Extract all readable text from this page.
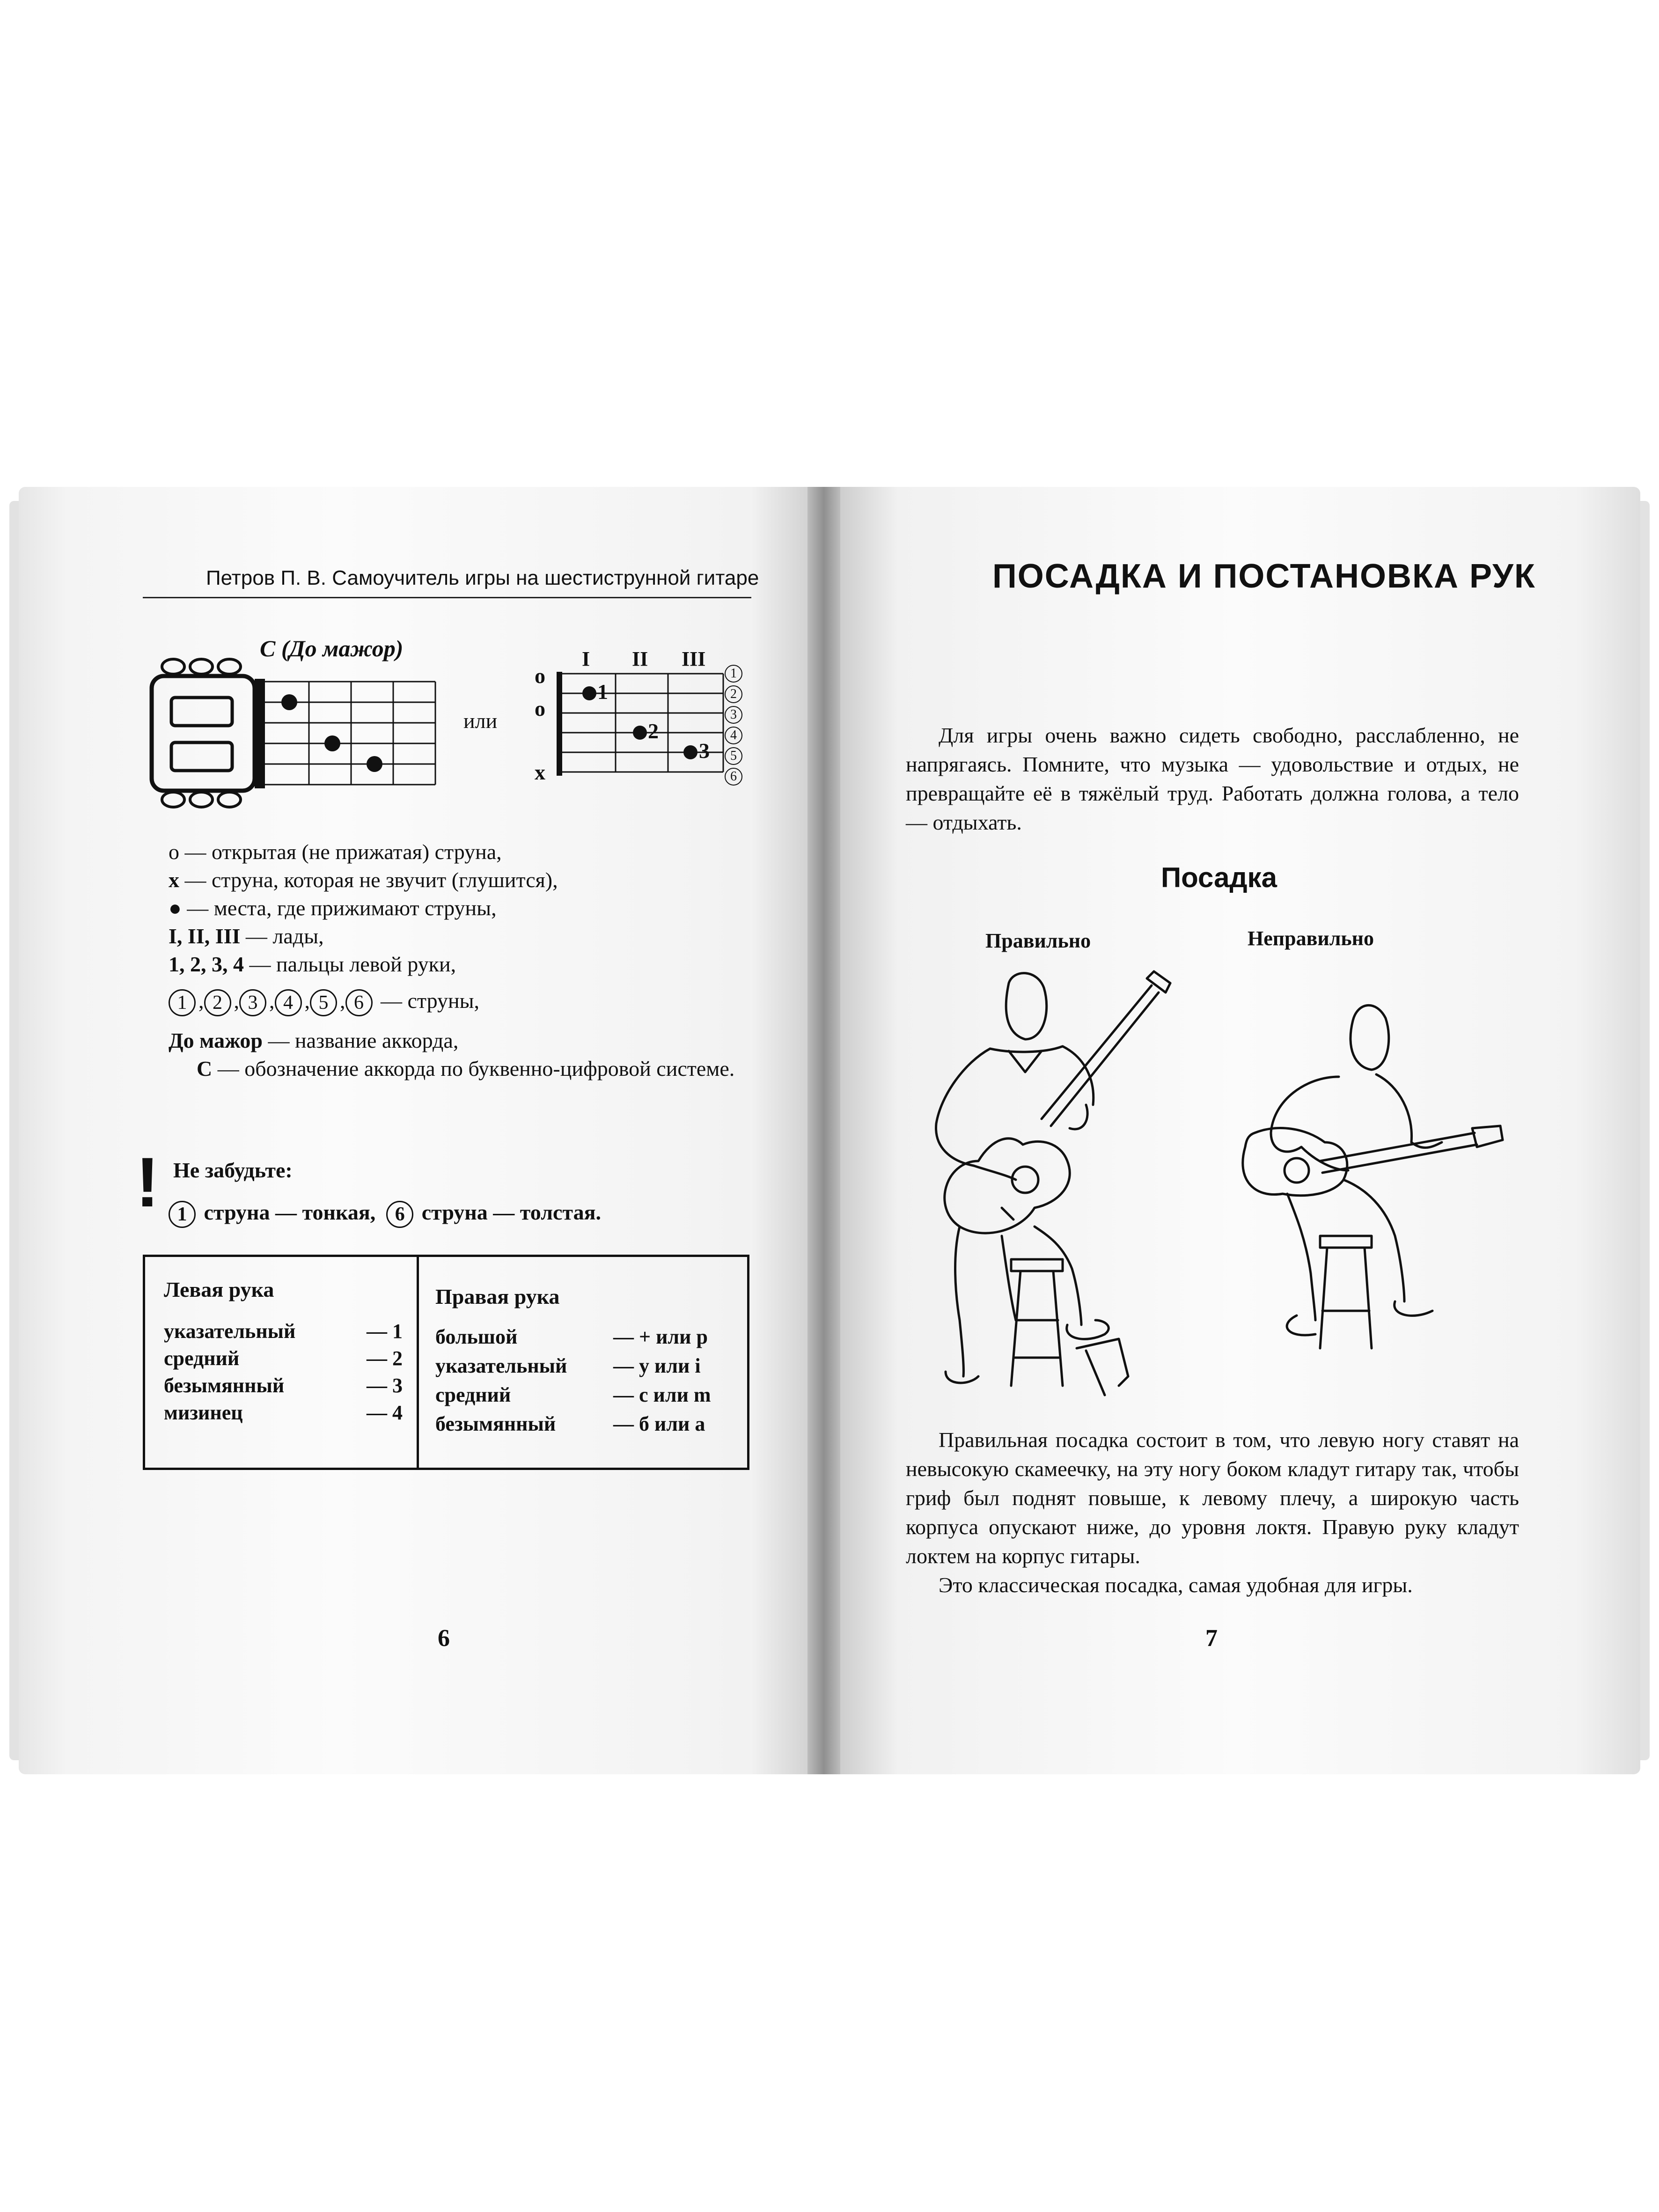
Петров П. В. Самоучитель игры на шестиструнной гитаре
С (До мажор)
или
I II III
o
o
x
1
2
3
1
2
3
4
5
6
o — открытая (не прижатая) струна,
x — струна, которая не звучит (глушится),
● — места, где прижимают струны,
I, II, III — лады,
1, 2, 3, 4 — пальцы левой руки,
1 , 2 , 3 , 4 , 5 , 6 — струны,
До мажор — название аккорда,
С — обозначение аккорда по буквенно-цифровой системе.
! Не забудьте:
1 струна — тонкая, 6 струна — толстая.
Левая рука
указательный	— 1
средний	— 2
безымянный	— 3
мизинец	— 4
Правая рука
большой	— + или p
указательный	— у или i
средний	— с или m
безымянный	— б или a
6
ПОСАДКА И ПОСТАНОВКА РУК
Для игры очень важно сидеть свободно, расслабленно, не напрягаясь. Помните, что музыка — удовольствие и отдых, не превращайте её в тяжёлый труд. Работать должна голова, а тело — отдыхать.
Посадка
Правильно	Неправильно
Правильная посадка состоит в том, что левую ногу ставят на невысокую скамеечку, на эту ногу боком кладут гитару так, чтобы гриф был поднят повыше, к левому плечу, а широкую часть корпуса опускают ниже, до уровня локтя. Правую руку кладут локтем на корпус гитары.
Это классическая посадка, самая удобная для игры.
7
